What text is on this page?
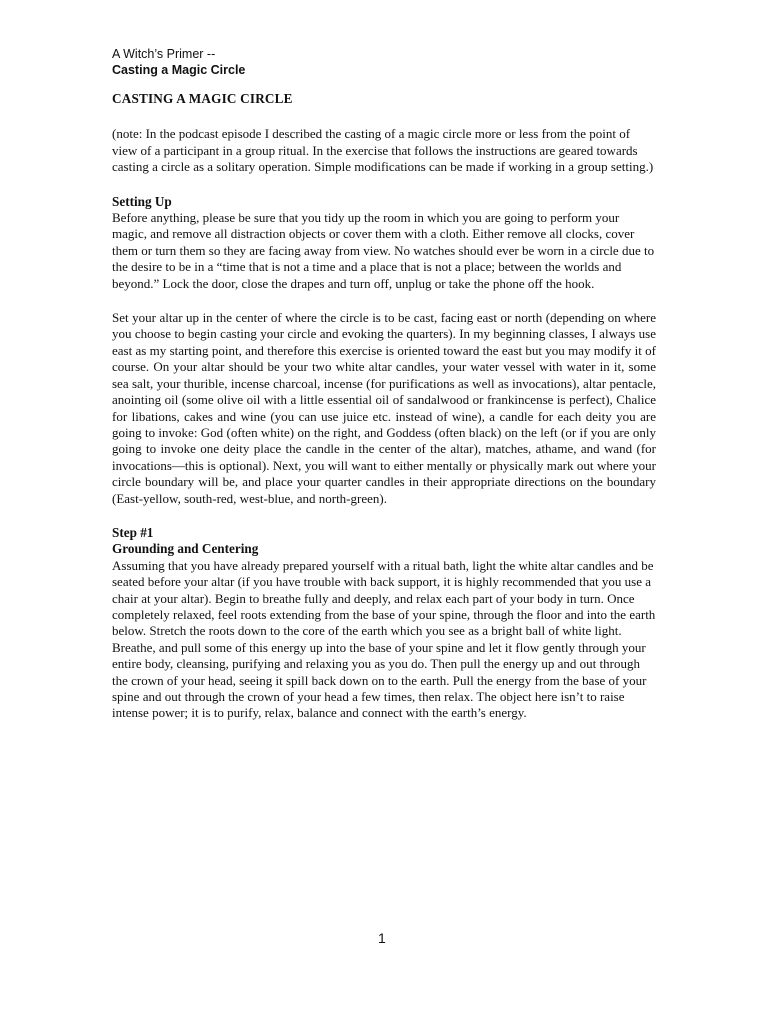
A Witch’s Primer --
Casting a Magic Circle
CASTING A MAGIC CIRCLE

(note: In the podcast episode I described the casting of a magic circle more or less from the point of view of a participant in a group ritual. In the exercise that follows the instructions are geared towards casting a circle as a solitary operation. Simple modifications can be made if working in a group setting.)

Setting Up

Before anything, please be sure that you tidy up the room in which you are going to perform your magic, and remove all distraction objects or cover them with a cloth. Either remove all clocks, cover them or turn them so they are facing away from view. No watches should ever be worn in a circle due to the desire to be in a “time that is not a time and a place that is not a place; between the worlds and beyond.” Lock the door, close the drapes and turn off, unplug or take the phone off the hook.

Set your altar up in the center of where the circle is to be cast, facing east or north (depending on where you choose to begin casting your circle and evoking the quarters). In my beginning classes, I always use east as my starting point, and therefore this exercise is oriented toward the east but you may modify it of course. On your altar should be your two white altar candles, your water vessel with water in it, some sea salt, your thurible, incense charcoal, incense (for purifications as well as invocations), altar pentacle, anointing oil (some olive oil with a little essential oil of sandalwood or frankincense is perfect), Chalice for libations, cakes and wine (you can use juice etc. instead of wine), a candle for each deity you are going to invoke: God (often white) on the right, and Goddess (often black) on the left (or if you are only going to invoke one deity place the candle in the center of the altar), matches, athame, and wand (for invocations—this is optional). Next, you will want to either mentally or physically mark out where your circle boundary will be, and place your quarter candles in their appropriate directions on the boundary (East-yellow, south-red, west-blue, and north-green).

Step #1
Grounding and Centering

Assuming that you have already prepared yourself with a ritual bath, light the white altar candles and be seated before your altar (if you have trouble with back support, it is highly recommended that you use a chair at your altar). Begin to breathe fully and deeply, and relax each part of your body in turn. Once completely relaxed, feel roots extending from the base of your spine, through the floor and into the earth below. Stretch the roots down to the core of the earth which you see as a bright ball of white light. Breathe, and pull some of this energy up into the base of your spine and let it flow gently through your entire body, cleansing, purifying and relaxing you as you do. Then pull the energy up and out through the crown of your head, seeing it spill back down on to the earth. Pull the energy from the base of your spine and out through the crown of your head a few times, then relax. The object here isn’t to raise intense power; it is to purify, relax, balance and connect with the earth’s energy.

1
